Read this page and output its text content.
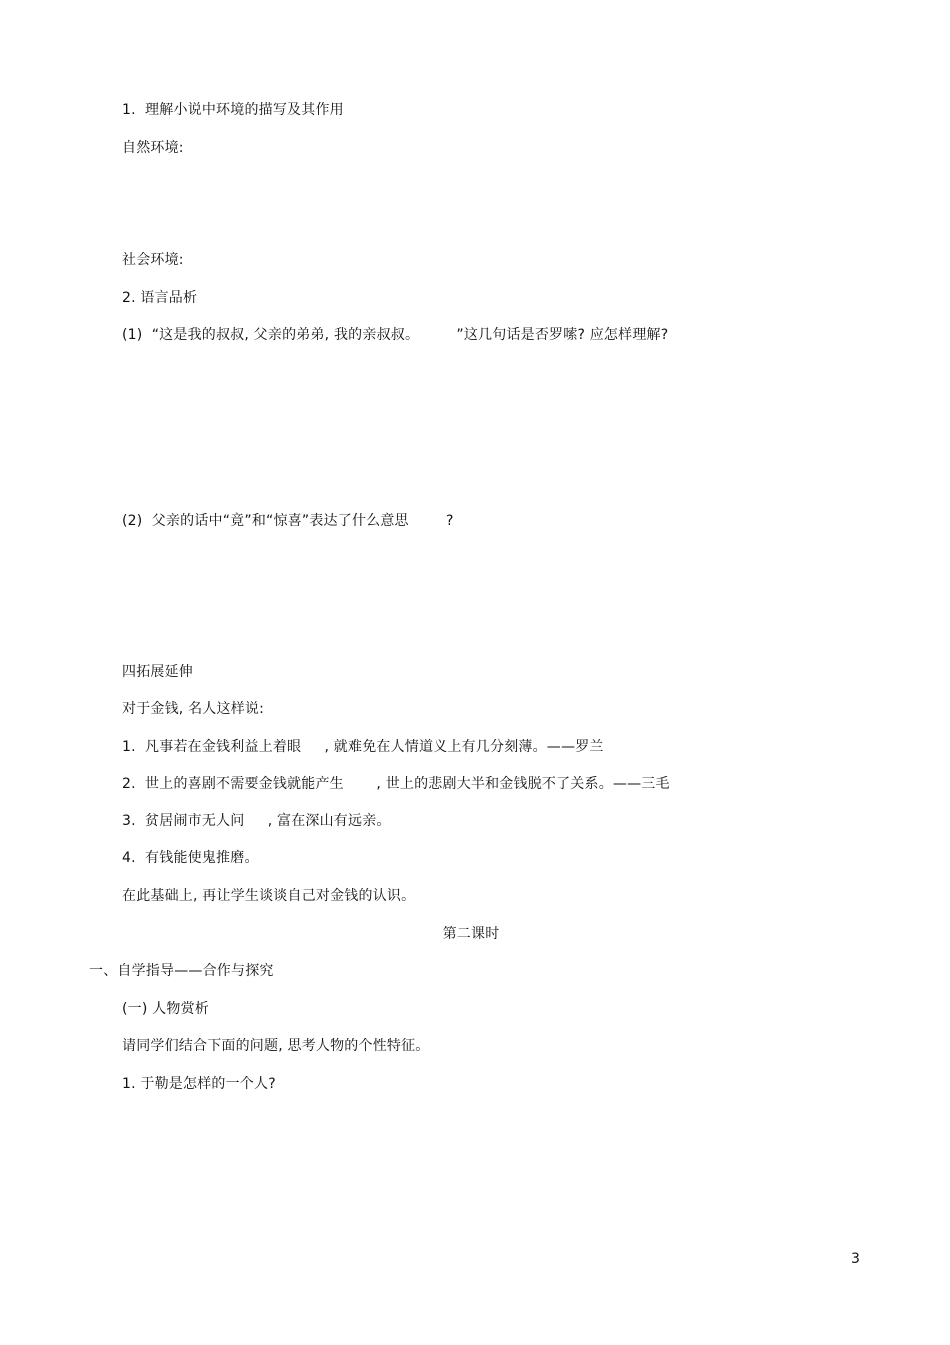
1.  理解小说中环境的描写及其作用
自然环境:
社会环境:
2. 语言品析
(1)  “这是我的叔叔, 父亲的弟弟, 我的亲叔叔。        ”这几句话是否罗嗦? 应怎样理解?
(2)  父亲的话中“竟”和“惊喜”表达了什么意思        ?
四拓展延伸
对于金钱, 名人这样说:
1.  凡事若在金钱利益上着眼     , 就难免在人情道义上有几分刻薄。——罗兰
2.  世上的喜剧不需要金钱就能产生       , 世上的悲剧大半和金钱脱不了关系。——三毛
3.  贫居闹市无人问     , 富在深山有远亲。
4.  有钱能使鬼推磨。
在此基础上, 再让学生谈谈自己对金钱的认识。
第二课时
一、自学指导——合作与探究
(一) 人物赏析
请同学们结合下面的问题, 思考人物的个性特征。
1. 于勒是怎样的一个人?
3
